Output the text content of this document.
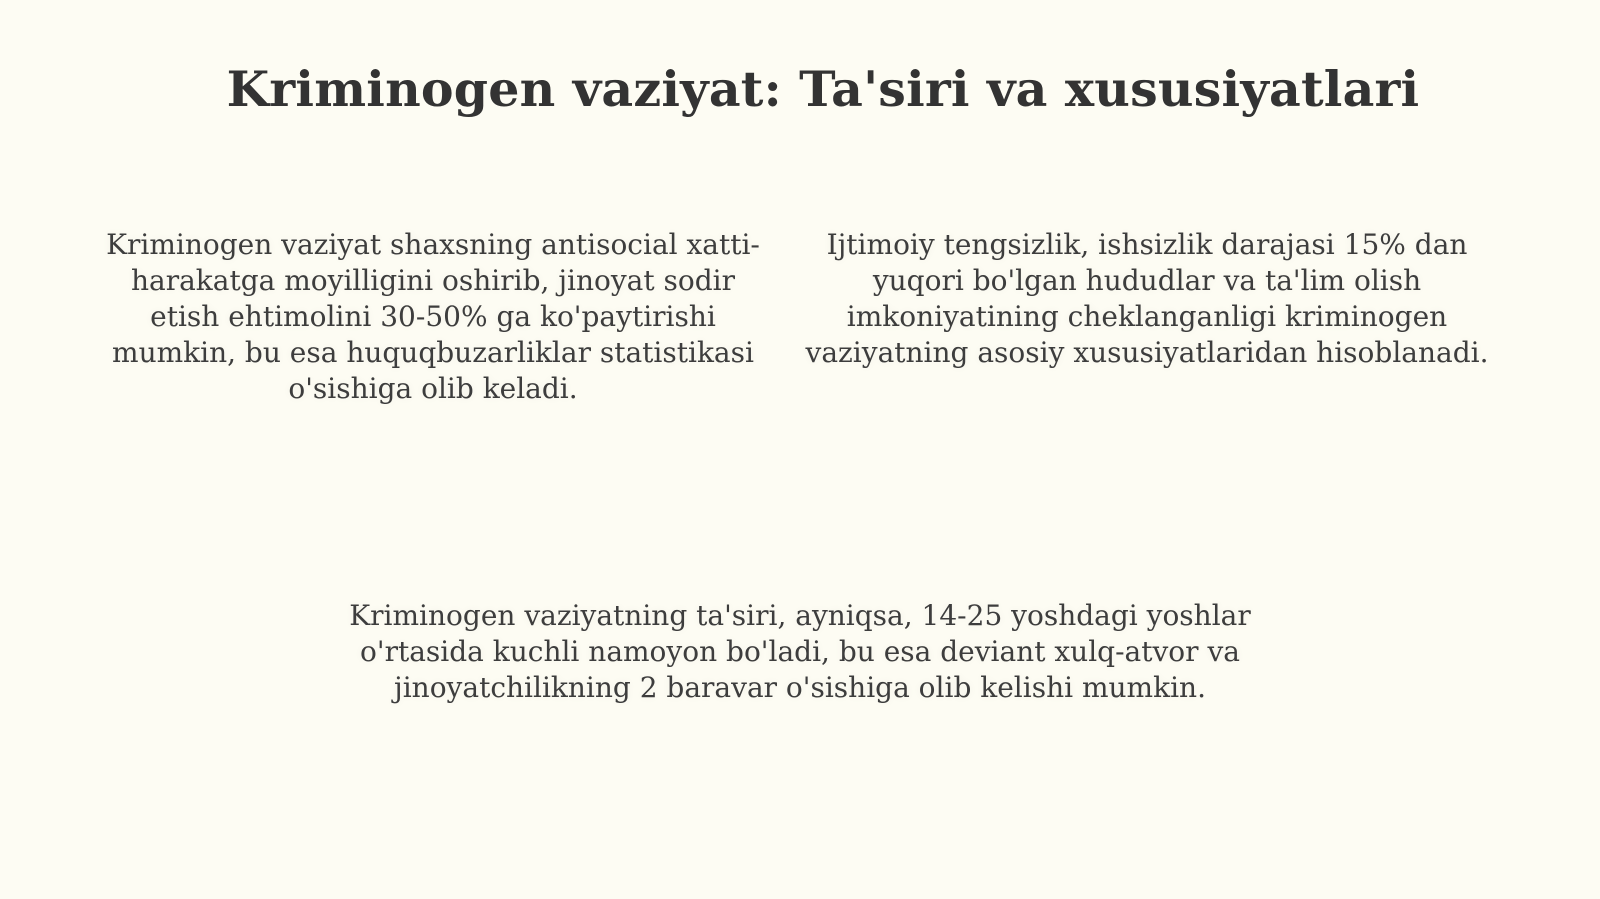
Kriminogen vaziyat: Ta'siri va xususiyatlari

Kriminogen vaziyat shaxsning antisocial xatti-harakatga moyilligini oshirib, jinoyat sodir etish ehtimolini 30-50% ga ko'paytirishi mumkin, bu esa huquqbuzarliklar statistikasi o'sishiga olib keladi.

Ijtimoiy tengsizlik, ishsizlik darajasi 15% dan yuqori bo'lgan hududlar va ta'lim olish imkoniyatining cheklanganligi kriminogen vaziyatning asosiy xususiyatlaridan hisoblanadi.

Kriminogen vaziyatning ta'siri, ayniqsa, 14-25 yoshdagi yoshlar o'rtasida kuchli namoyon bo'ladi, bu esa deviant xulq-atvor va jinoyatchilikning 2 baravar o'sishiga olib kelishi mumkin.
